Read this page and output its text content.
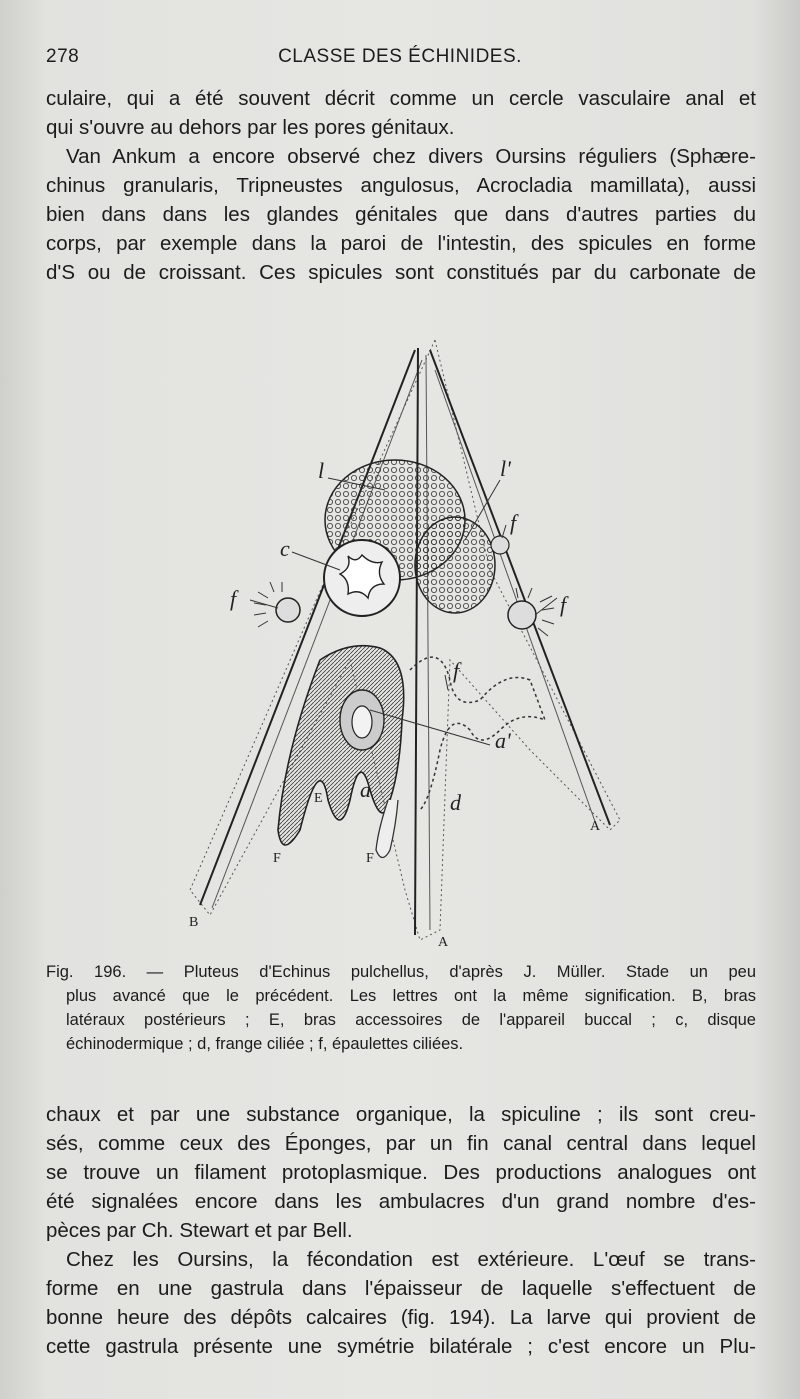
278	CLASSE DES ÉCHINIDES.
culaire, qui a été souvent décrit comme un cercle vasculaire anal et
qui s'ouvre au dehors par les pores génitaux.
Van Ankum a encore observé chez divers Oursins réguliers (Sphære-
chinus granularis, Tripneustes angulosus, Acrocladia mamillata), aussi
bien dans dans les glandes génitales que dans d'autres parties du
corps, par exemple dans la paroi de l'intestin, des spicules en forme
d'S ou de croissant. Ces spicules sont constitués par du carbonate de
l	l'
c
f
f
f
f
a'
E a
d
F	F
A
B
A
Fig. 196. — Pluteus d'Echinus pulchellus, d'après J. Müller. Stade un peu
plus avancé que le précédent. Les lettres ont la même signification. B, bras
latéraux postérieurs ; E, bras accessoires de l'appareil buccal ; c, disque
échinodermique ; d, frange ciliée ; f, épaulettes ciliées.
chaux et par une substance organique, la spiculine ; ils sont creu-
sés, comme ceux des Éponges, par un fin canal central dans lequel
se trouve un filament protoplasmique. Des productions analogues ont
été signalées encore dans les ambulacres d'un grand nombre d'es-
pèces par Ch. Stewart et par Bell.
Chez les Oursins, la fécondation est extérieure. L'œuf se trans-
forme en une gastrula dans l'épaisseur de laquelle s'effectuent de
bonne heure des dépôts calcaires (fig. 194). La larve qui provient de
cette gastrula présente une symétrie bilatérale ; c'est encore un Plu-
